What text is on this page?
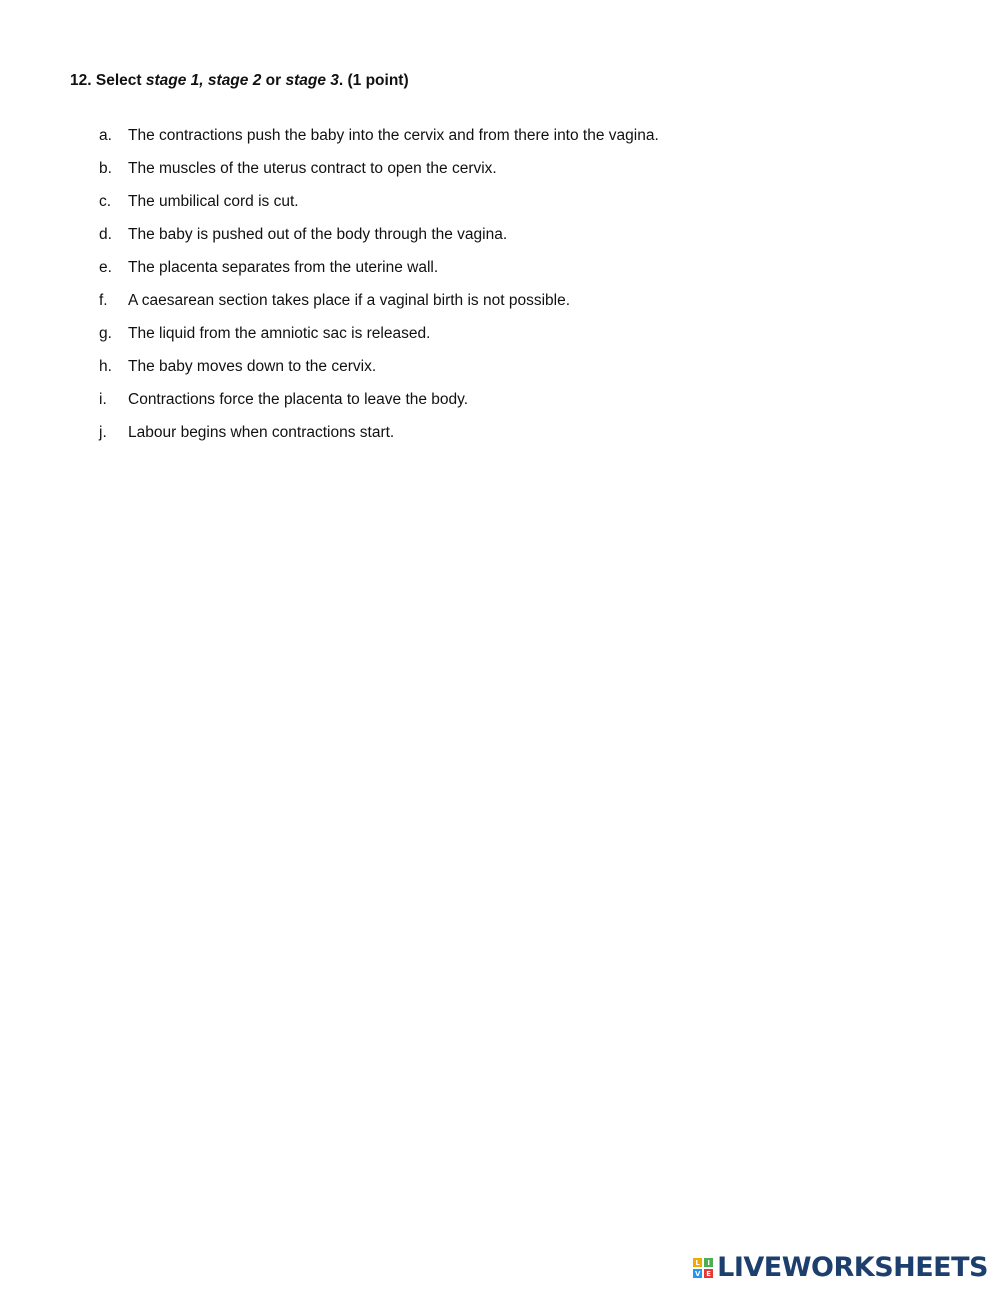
12. Select stage 1, stage 2 or stage 3. (1 point)
a. The contractions push the baby into the cervix and from there into the vagina.
b. The muscles of the uterus contract to open the cervix.
c. The umbilical cord is cut.
d. The baby is pushed out of the body through the vagina.
e. The placenta separates from the uterine wall.
f. A caesarean section takes place if a vaginal birth is not possible.
g. The liquid from the amniotic sac is released.
h. The baby moves down to the cervix.
i. Contractions force the placenta to leave the body.
j. Labour begins when contractions start.
L	I
V E LIVEWORKSHEETS
